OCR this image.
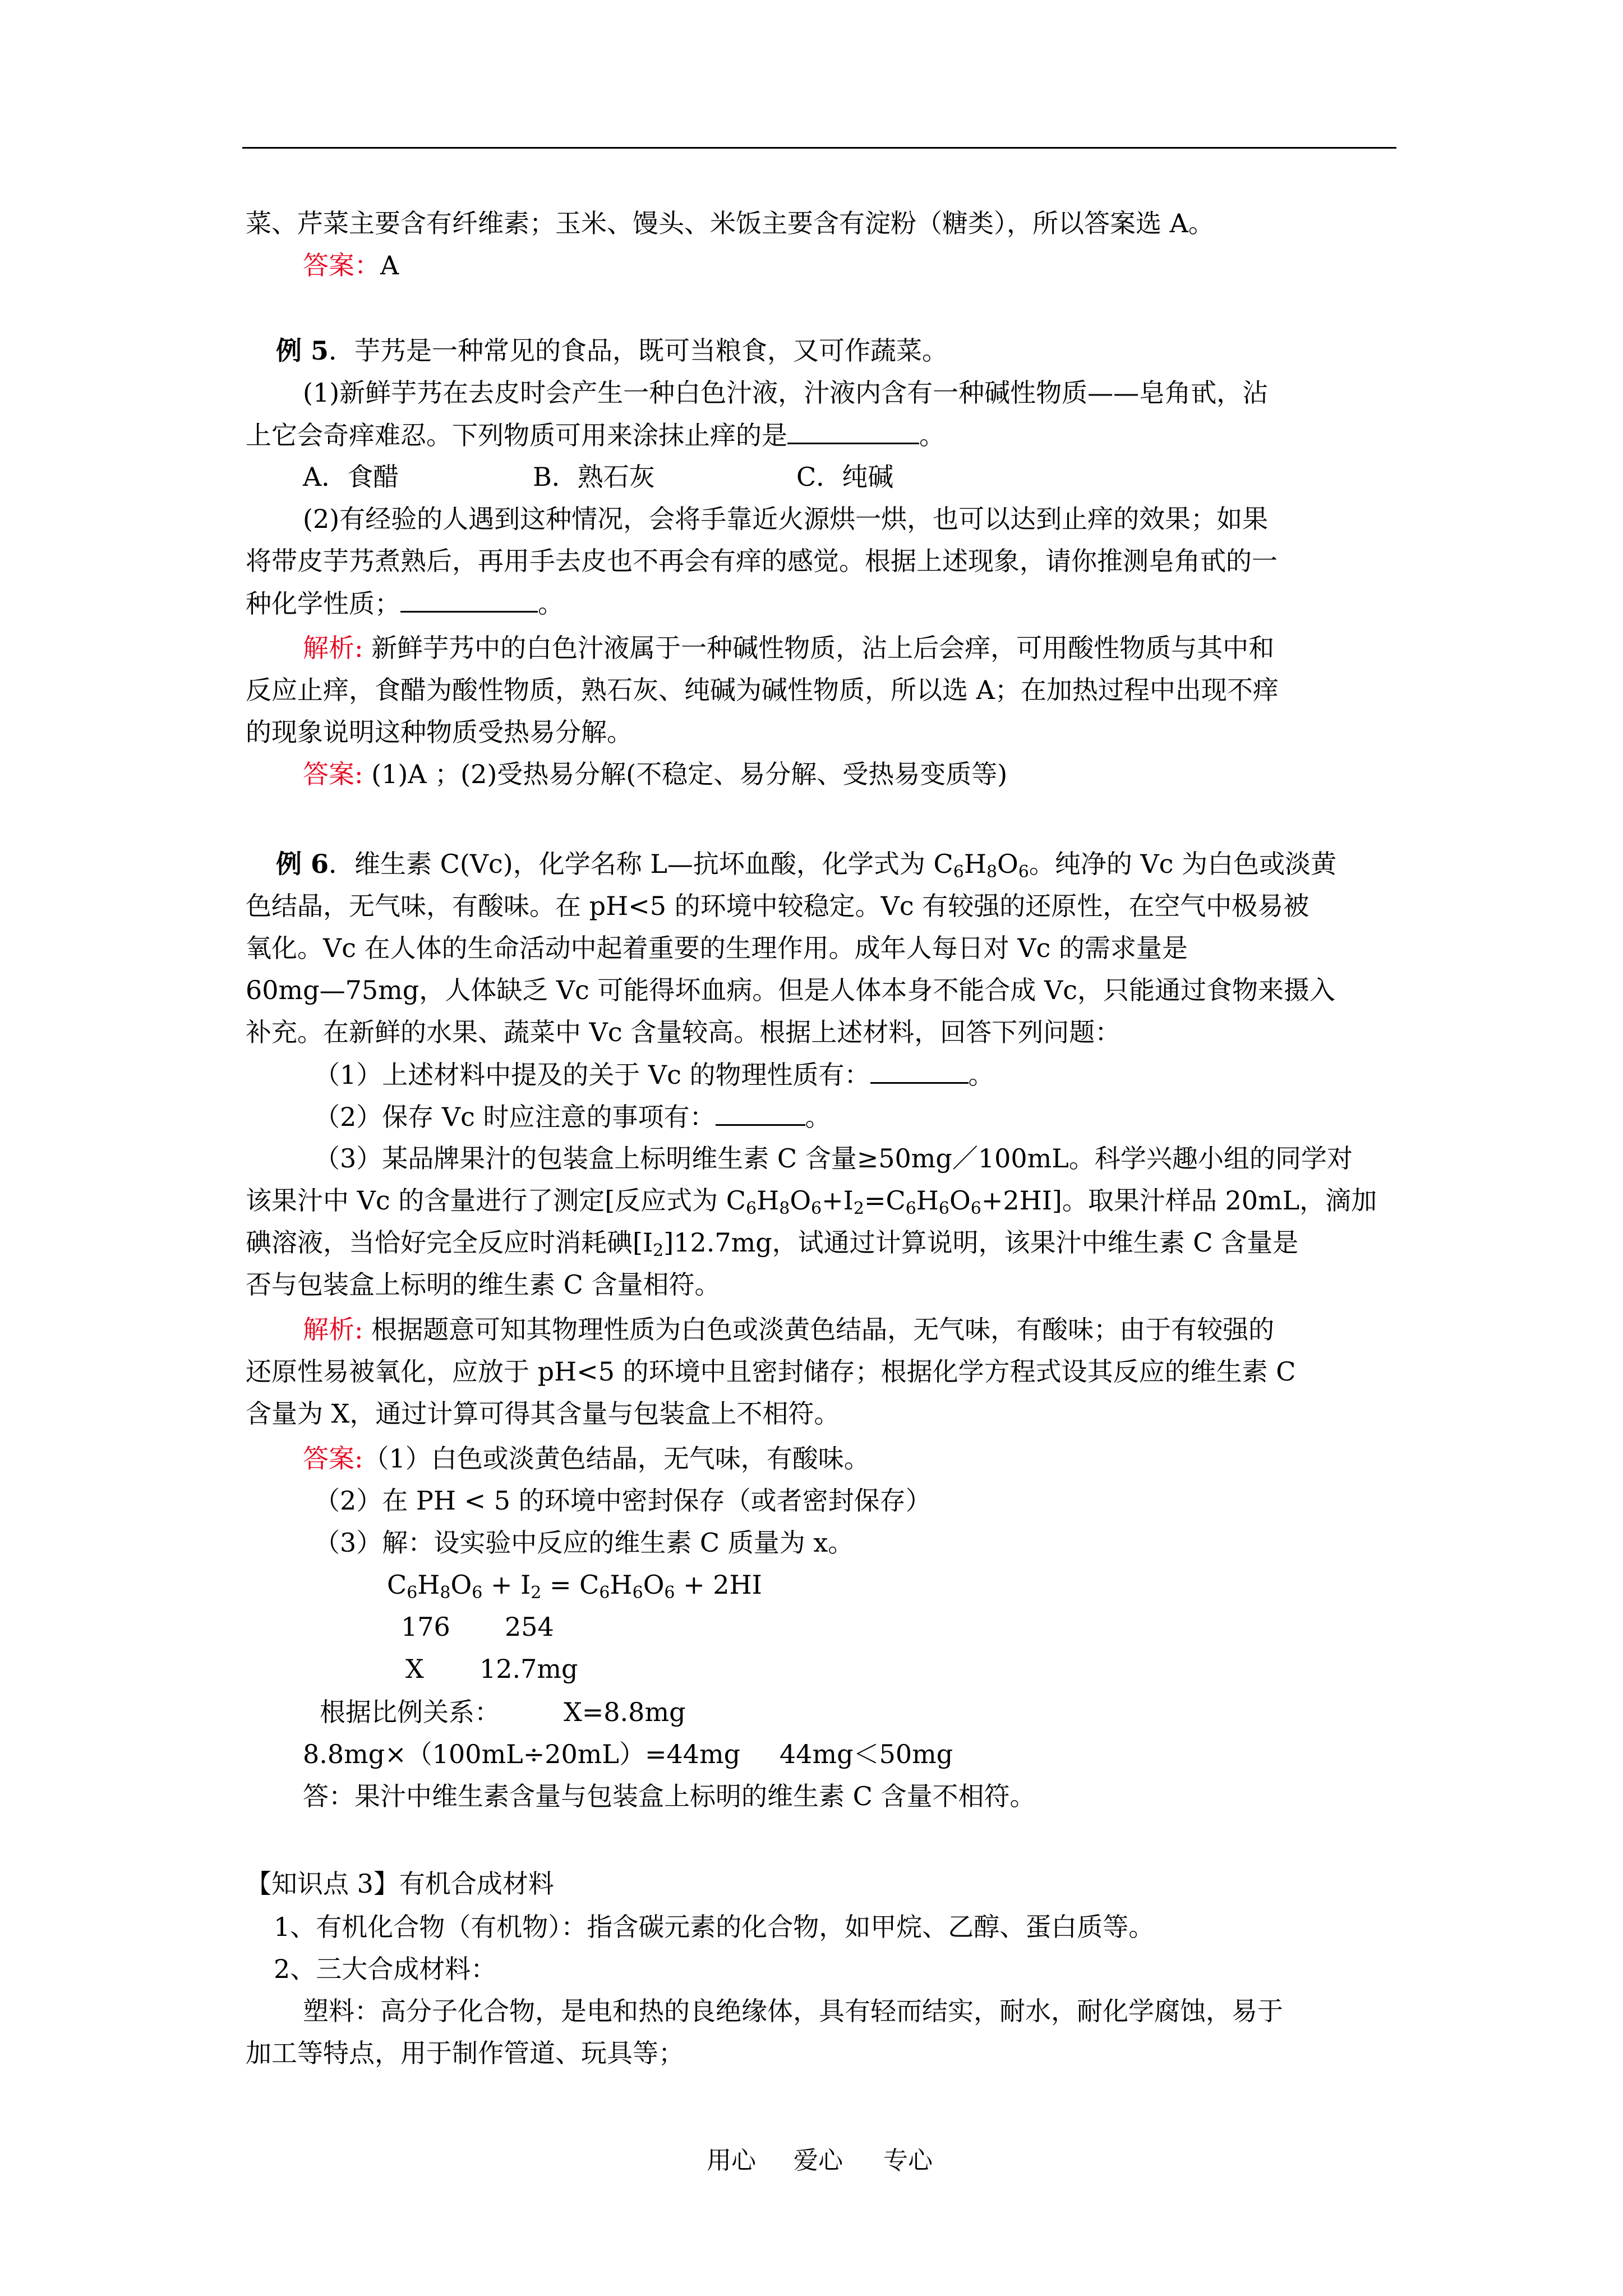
菜、芹菜主要含有纤维素；玉米、馒头、米饭主要含有淀粉（糖类），所以答案选 A。
答案：A
例 5．芋艿是一种常见的食品，既可当粮食，又可作蔬菜。
(1)新鲜芋艿在去皮时会产生一种白色汁液，汁液内含有一种碱性物质——皂角甙，沾
上它会奇痒难忍。下列物质可用来涂抹止痒的是	。
A．食醋	B．熟石灰	C．纯碱
(2)有经验的人遇到这种情况，会将手靠近火源烘一烘，也可以达到止痒的效果；如果
将带皮芋艿煮熟后，再用手去皮也不再会有痒的感觉。根据上述现象，请你推测皂角甙的一
种化学性质；	。
解析: 新鲜芋艿中的白色汁液属于一种碱性物质，沾上后会痒，可用酸性物质与其中和
反应止痒，食醋为酸性物质，熟石灰、纯碱为碱性物质，所以选 A；在加热过程中出现不痒
的现象说明这种物质受热易分解。
答案: (1)A ；(2)受热易分解(不稳定、易分解、受热易变质等)
例 6．维生素 C(Vc)，化学名称 L—抗坏血酸，化学式为 $C_6H_8O_6$。纯净的 Vc 为白色或淡黄
色结晶，无气味，有酸味。在 pH<5 的环境中较稳定。Vc 有较强的还原性，在空气中极易被
氧化。Vc 在人体的生命活动中起着重要的生理作用。成年人每日对 Vc 的需求量是
60mg—75mg，人体缺乏 Vc 可能得坏血病。但是人体本身不能合成 Vc，只能通过食物来摄入
补充。在新鲜的水果、蔬菜中 Vc 含量较高。根据上述材料，回答下列问题：
（1）上述材料中提及的关于 Vc 的物理性质有：	。
（2）保存 Vc 时应注意的事项有：	。
（3）某品牌果汁的包装盒上标明维生素 C 含量≥50mg／100mL。科学兴趣小组的同学对
该果汁中 Vc 的含量进行了测定[反应式为 $C_6H_8O_6+I_2=C_6H_6O_6+2HI$]。取果汁样品 20mL，滴加
碘溶液，当恰好完全反应时消耗碘$[I_2]12.7mg$，试通过计算说明，该果汁中维生素 C 含量是
否与包装盒上标明的维生素 C 含量相符。
解析: 根据题意可知其物理性质为白色或淡黄色结晶，无气味，有酸味；由于有较强的
还原性易被氧化，应放于 pH<5 的环境中且密封储存；根据化学方程式设其反应的维生素 C
含量为 X，通过计算可得其含量与包装盒上不相符。
答案:（1）白色或淡黄色结晶，无气味，有酸味。
（2）在 PH < 5 的环境中密封保存（或者密封保存）
（3）解：设实验中反应的维生素 C 质量为 x。
$C_6H_8O_6 + I_2 = C_6H_6O_6 + 2HI$
176 254
X 12.7mg
根据比例关系： X=8.8mg
8.8mg×（100mL÷20mL）=44mg 44mg＜50mg
答：果汁中维生素含量与包装盒上标明的维生素 C 含量不相符。
【知识点 3】有机合成材料
1、有机化合物（有机物）：指含碳元素的化合物，如甲烷、乙醇、蛋白质等。
2、三大合成材料：
塑料：高分子化合物，是电和热的良绝缘体，具有轻而结实，耐水，耐化学腐蚀，易于
加工等特点，用于制作管道、玩具等；
用心 爱心 专心
